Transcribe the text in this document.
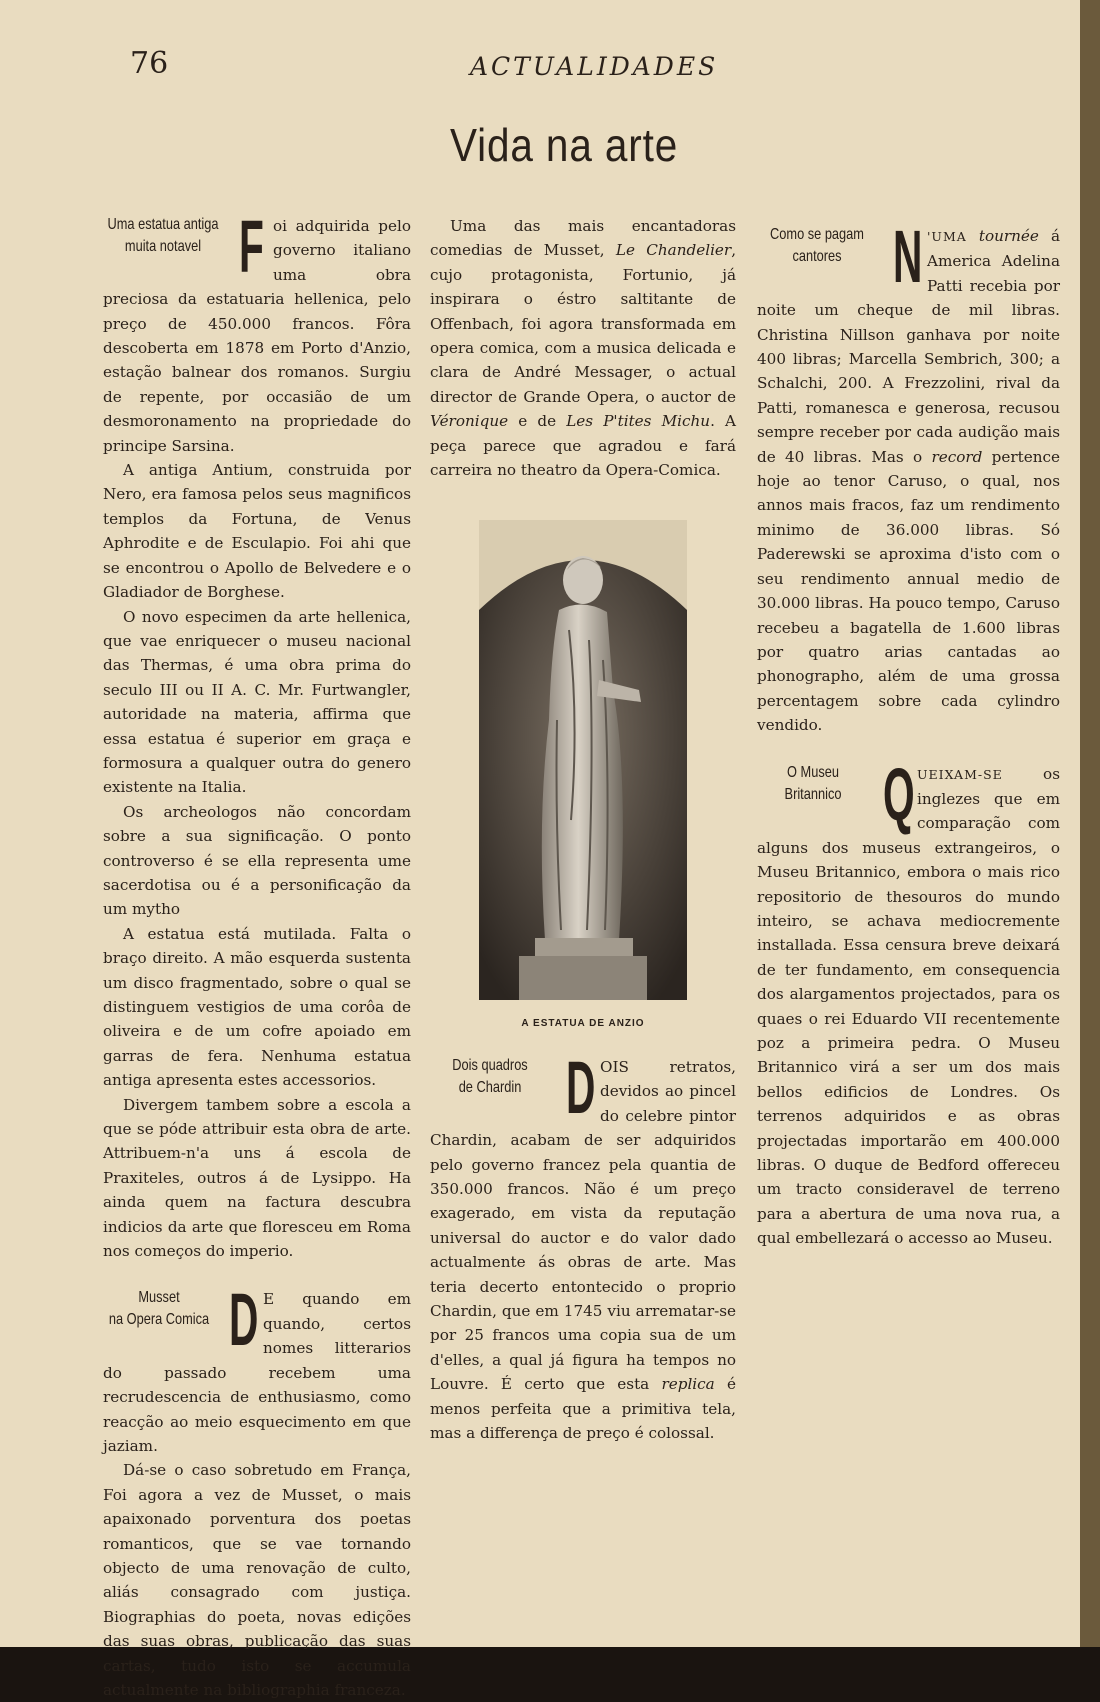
76	ACTUALIDADES
Vida na arte
Uma estatua antiga
muita notavel F oi adquirida pelo governo italiano uma obra preciosa da estatuaria hellenica, pelo preço de 450.000 francos. Fôra descoberta em 1878 em Porto d'Anzio, estação balnear dos romanos. Surgiu de repente, por occasião de um desmoronamento na propriedade do principe Sarsina.

A antiga Antium, construida por Nero, era famosa pelos seus magnificos templos da Fortuna, de Venus Aphrodite e de Esculapio. Foi ahi que se encontrou o Apollo de Belvedere e o Gladiador de Borghese.

O novo especimen da arte hellenica, que vae enriquecer o museu nacional das Thermas, é uma obra prima do seculo III ou II A. C. Mr. Furtwangler, autoridade na materia, affirma que essa estatua é superior em graça e formosura a qualquer outra do genero existente na Italia.

Os archeologos não concordam sobre a sua significação. O ponto controverso é se ella representa ume sacerdotisa ou é a personificação da um mytho

A estatua está mutilada. Falta o braço direito. A mão esquerda sustenta um disco fragmentado, sobre o qual se distinguem vestigios de uma corôa de oliveira e de um cofre apoiado em garras de fera. Nenhuma estatua antiga apresenta estes accessorios.

Divergem tambem sobre a escola a que se póde attribuir esta obra de arte. Attribuem-n'a uns á escola de Praxiteles, outros á de Lysippo. Ha ainda quem na factura descubra indicios da arte que floresceu em Roma nos começos do imperio.

Musset
na Opera Comica D E quando em quando, certos nomes litterarios do passado recebem uma recrudescencia de enthusiasmo, como reacção ao meio esquecimento em que jaziam.

Dá-se o caso sobretudo em França, Foi agora a vez de Musset, o mais apaixonado porventura dos poetas romanticos, que se vae tornando objecto de uma renovação de culto, aliás consagrado com justiça. Biographias do poeta, novas edições das suas obras, publicação das suas cartas, tudo isto se accumula actualmente na bibliographia franceza.

Uma das mais encantadoras comedias de Musset, Le Chandelier, cujo protagonista, Fortunio, já inspirara o éstro saltitante de Offenbach, foi agora transformada em opera comica, com a musica delicada e clara de André Messager, o actual director de Grande Opera, o auctor de Véronique e de Les P'tites Michu. A peça parece que agradou e fará carreira no theatro da Opera-Comica.

A ESTATUA DE ANZIO
Dois quadros
de Chardin D OIS retratos, devidos ao pincel do celebre pintor Chardin, acabam de ser adquiridos pelo governo francez pela quantia de 350.000 francos. Não é um preço exagerado, em vista da reputação universal do auctor e do valor dado actualmente ás obras de arte. Mas teria decerto entontecido o proprio Chardin, que em 1745 viu arrematar-se por 25 francos uma copia sua de um d'elles, a qual já figura ha tempos no Louvre. É certo que esta replica é menos perfeita que a primitiva tela, mas a differença de preço é colossal.

Como se pagam
cantores N 'UMA tournée á America Adelina Patti recebia por noite um cheque de mil libras. Christina Nillson ganhava por noite 400 libras; Marcella Sembrich, 300; a Schalchi, 200. A Frezzolini, rival da Patti, romanesca e generosa, recusou sempre receber por cada audição mais de 40 libras. Mas o record pertence hoje ao tenor Caruso, o qual, nos annos mais fracos, faz um rendimento minimo de 36.000 libras. Só Paderewski se aproxima d'isto com o seu rendimento annual medio de 30.000 libras. Ha pouco tempo, Caruso recebeu a bagatella de 1.600 libras por quatro arias cantadas ao phonographo, além de uma grossa percentagem sobre cada cylindro vendido.

O Museu
Britannico Q UEIXAM-SE os inglezes que em comparação com alguns dos museus extrangeiros, o Museu Britannico, embora o mais rico repositorio de thesouros do mundo inteiro, se achava mediocremente installada. Essa censura breve deixará de ter fundamento, em consequencia dos alargamentos projectados, para os quaes o rei Eduardo VII recentemente poz a primeira pedra. O Museu Britannico virá a ser um dos mais bellos edificios de Londres. Os terrenos adquiridos e as obras projectadas importarão em 400.000 libras. O duque de Bedford offereceu um tracto consideravel de terreno para a abertura de uma nova rua, a qual embellezará o accesso ao Museu.
